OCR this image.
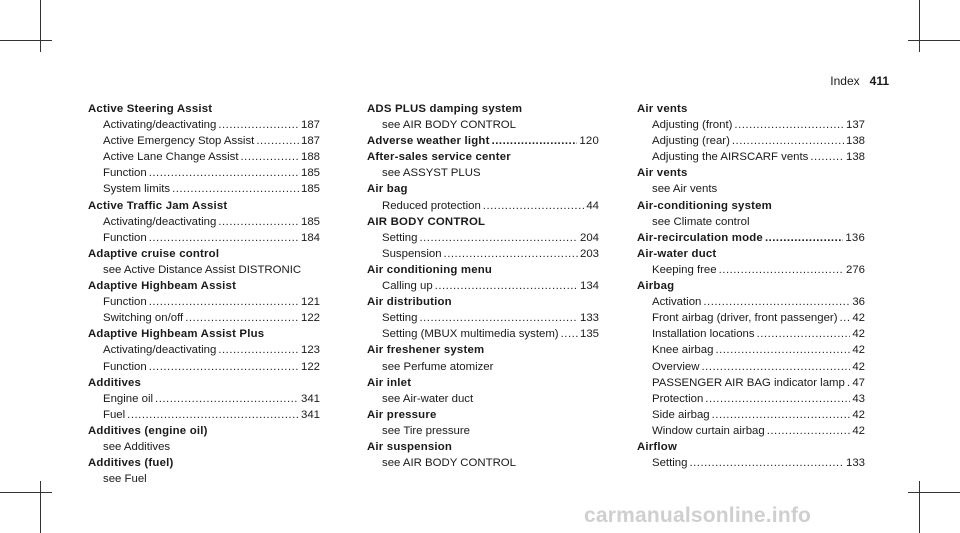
Index 411
Active Steering Assist
Activating/deactivating .....	187
Active Emergency Stop Assist .....	187
Active Lane Change Assist .....	188
Function .....	185
System limits .....	185
Active Traffic Jam Assist
Activating/deactivating .....	185
Function .....	184
Adaptive cruise control
see Active Distance Assist DISTRONIC
Adaptive Highbeam Assist
Function .....	121
Switching on/off .....	122
Adaptive Highbeam Assist Plus
Activating/deactivating .....	123
Function .....	122
Additives
Engine oil .....	341
Fuel .....	341
Additives (engine oil)
see Additives
Additives (fuel)
see Fuel
ADS PLUS damping system
see AIR BODY CONTROL
Adverse weather light .....	120
After-sales service center
see ASSYST PLUS
Air bag
Reduced protection .....	44
AIR BODY CONTROL
Setting .....	204
Suspension .....	203
Air conditioning menu
Calling up .....	134
Air distribution
Setting .....	133
Setting (MBUX multimedia system) ..... 135
Air freshener system
see Perfume atomizer
Air inlet
see Air-water duct
Air pressure
see Tire pressure
Air suspension
see AIR BODY CONTROL
Air vents
Adjusting (front) .....	137
Adjusting (rear) .....	138
Adjusting the AIRSCARF vents .....	138
Air vents
see Air vents
Air-conditioning system
see Climate control
Air-recirculation mode .....	136
Air-water duct
Keeping free .....	276
Airbag
Activation .....	36
Front airbag (driver, front passenger) ..... 42
Installation locations .....	42
Knee airbag .....	42
Overview .....	42
PASSENGER AIR BAG indicator lamp ..... 47
Protection .....	43
Side airbag .....	42
Window curtain airbag .....	42
Airflow
Setting .....	133
carmanualsonline.info
